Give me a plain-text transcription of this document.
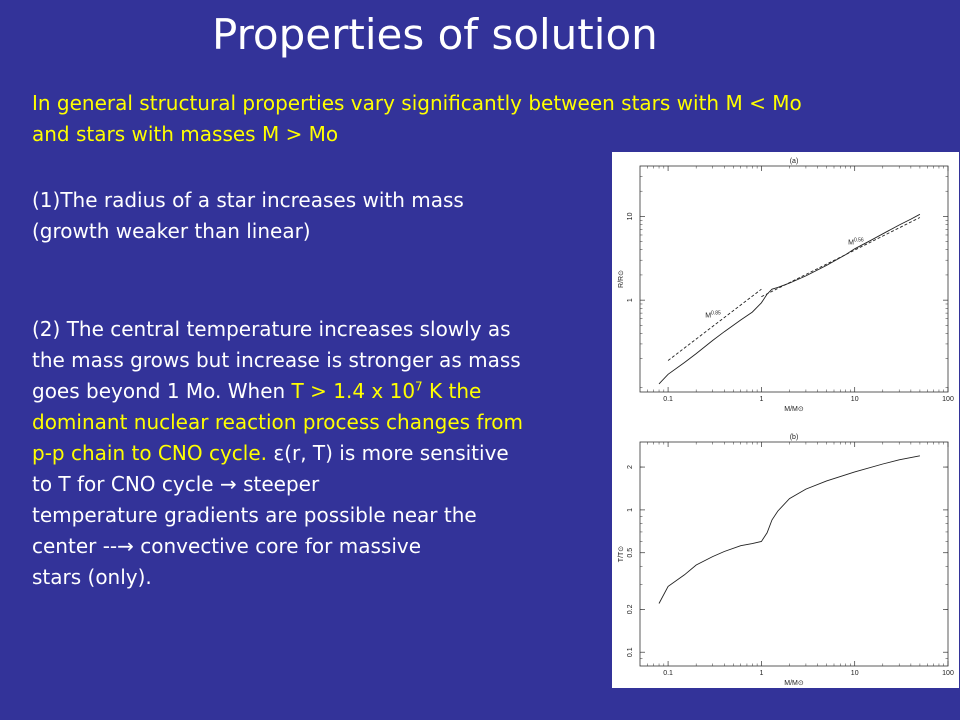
Properties of solution
In general structural properties vary significantly between stars with M < Mo
and stars with masses M > Mo
(1)The radius of a star increases with mass
(growth weaker than linear)
(2) The central temperature increases slowly as
the mass grows but increase is stronger as mass
goes beyond 1 Mo. When T > 1.4 x $10^7$ K the
dominant nuclear reaction process changes from
p-p chain to CNO cycle. ε(r, T) is more sensitive
to T for CNO cycle → steeper
temperature gradients are possible near the
center --→ convective core for massive
stars (only).
(a)
0.1	1	10	100
1
10
M/M⊙
R/R⊙
$M^{0.56}$
$M^{0.85}$
(b)
0.1	1	10	100
0.1
0.2
0.5
1
2
M/M⊙
T/T⊙
